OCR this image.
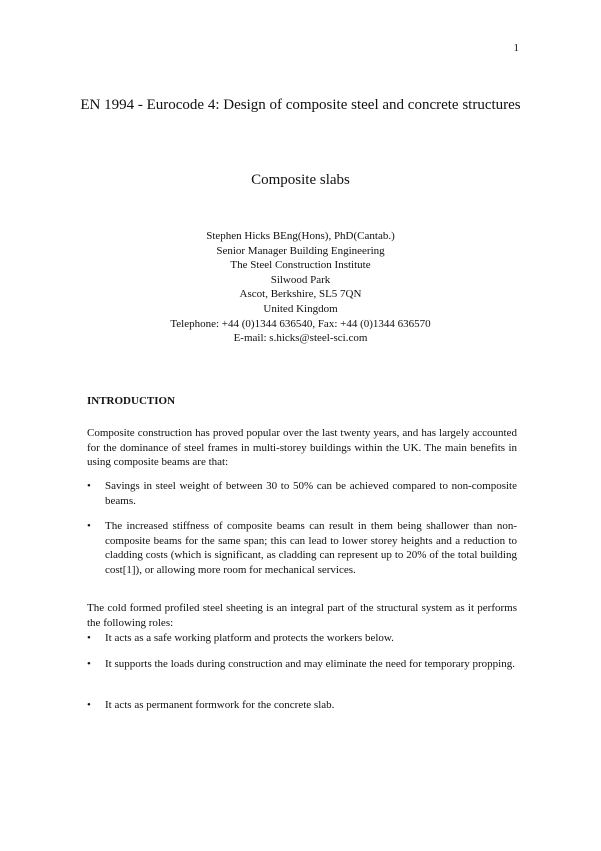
1
EN 1994 - Eurocode 4: Design of composite steel and concrete structures
Composite slabs
Stephen Hicks BEng(Hons), PhD(Cantab.)
Senior Manager Building Engineering
The Steel Construction Institute
Silwood Park
Ascot, Berkshire, SL5 7QN
United Kingdom
Telephone: +44 (0)1344 636540, Fax: +44 (0)1344 636570
E-mail: s.hicks@steel-sci.com
INTRODUCTION

Composite construction has proved popular over the last twenty years, and has largely accounted for the dominance of steel frames in multi-storey buildings within the UK. The main benefits in using composite beams are that:

•	Savings in steel weight of between 30 to 50% can be achieved compared to non-composite beams.
•	The increased stiffness of composite beams can result in them being shallower than non-composite beams for the same span; this can lead to lower storey heights and a reduction to cladding costs (which is significant, as cladding can represent up to 20% of the total building cost[1]), or allowing more room for mechanical services.

The cold formed profiled steel sheeting is an integral part of the structural system as it performs the following roles:

•	It acts as a safe working platform and protects the workers below.
•	It supports the loads during construction and may eliminate the need for temporary propping.
•	It acts as permanent formwork for the concrete slab.
